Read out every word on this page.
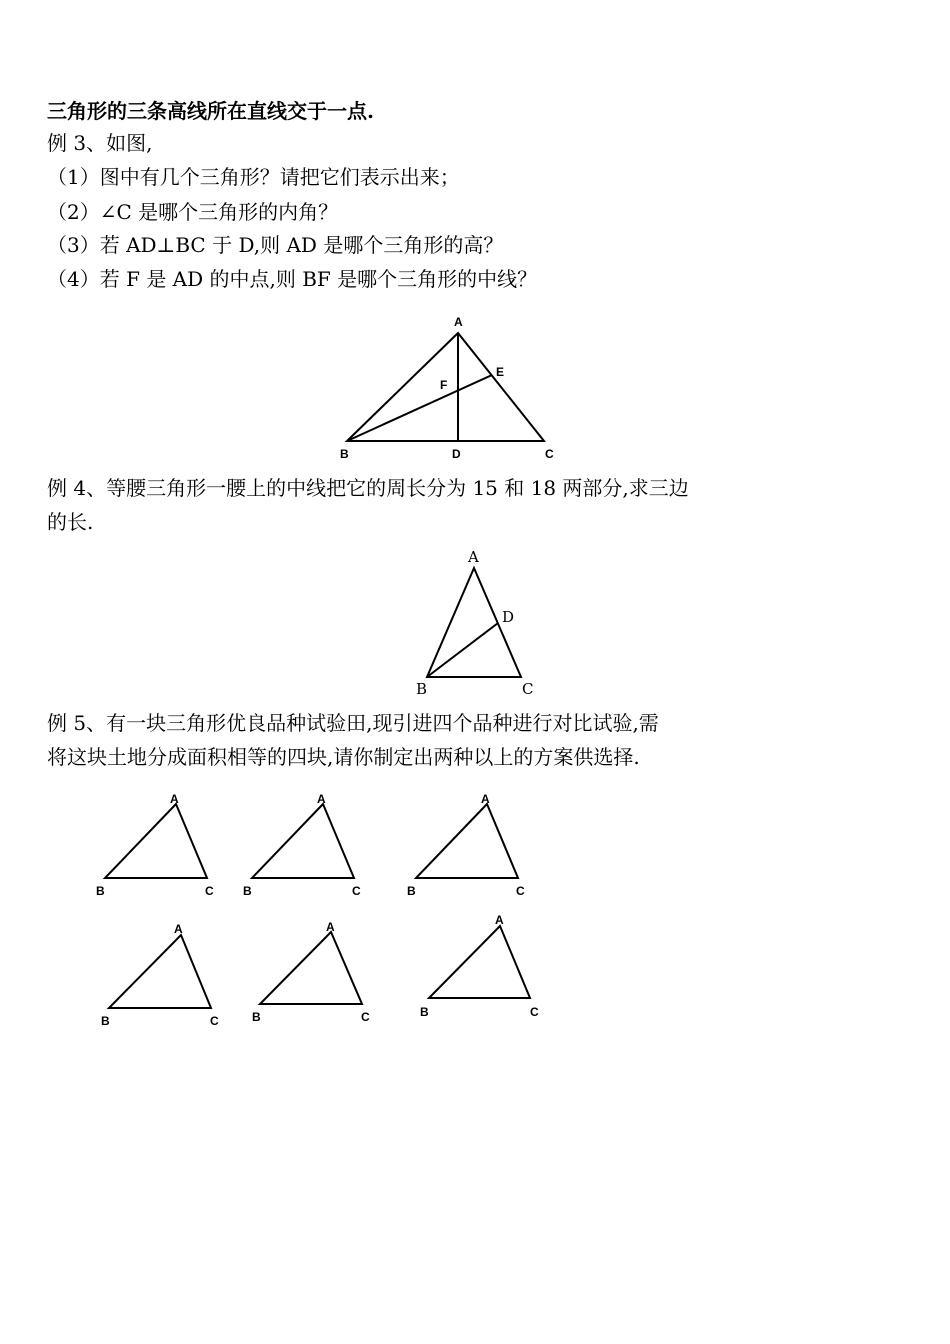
三角形的三条高线所在直线交于一点.
例 3、如图,
（1）图中有几个三角形？请把它们表示出来；
（2）∠C 是哪个三角形的内角？
（3）若 AD⊥BC 于 D,则 AD 是哪个三角形的高？
（4）若 F 是 AD 的中点,则 BF 是哪个三角形的中线？
A
B	C
D
E
F
例 4、等腰三角形一腰上的中线把它的周长分为 15 和 18 两部分,求三边
的长.
A
B	C
D
例 5、有一块三角形优良品种试验田,现引进四个品种进行对比试验,需
将这块土地分成面积相等的四块,请你制定出两种以上的方案供选择.
A
B	C
A
B	C
A
B	C
A
B	C
A
B	C
A
B	C
